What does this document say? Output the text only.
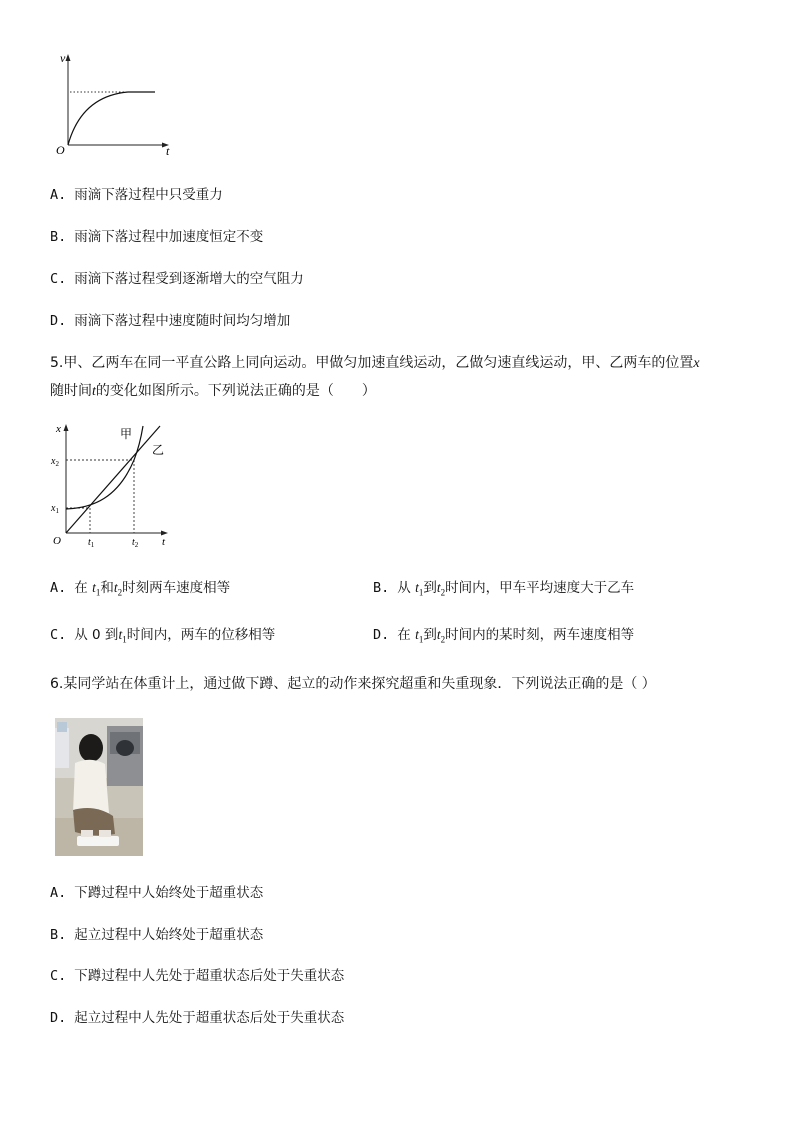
v
t
O
A. 雨滴下落过程中只受重力
B. 雨滴下落过程中加速度恒定不变
C. 雨滴下落过程受到逐渐增大的空气阻力
D. 雨滴下落过程中速度随时间均匀增加
5.甲、乙两车在同一平直公路上同向运动。甲做匀加速直线运动，乙做匀速直线运动，甲、乙两车的位置x
随时间t的变化如图所示。下列说法正确的是（　　）
x
t
O
$x_2$
$x_1$
$t_1$	$t_2$
甲
乙
A. 在 $t_1$和$t_2$时刻两车速度相等	B. 从 $t_1$到$t_2$时间内，甲车平均速度大于乙车
C. 从 0 到$t_1$时间内，两车的位移相等	D. 在 $t_1$到$t_2$时间内的某时刻，两车速度相等
6.某同学站在体重计上，通过做下蹲、起立的动作来探究超重和失重现象．下列说法正确的是（ ）
A. 下蹲过程中人始终处于超重状态
B. 起立过程中人始终处于超重状态
C. 下蹲过程中人先处于超重状态后处于失重状态
D. 起立过程中人先处于超重状态后处于失重状态
